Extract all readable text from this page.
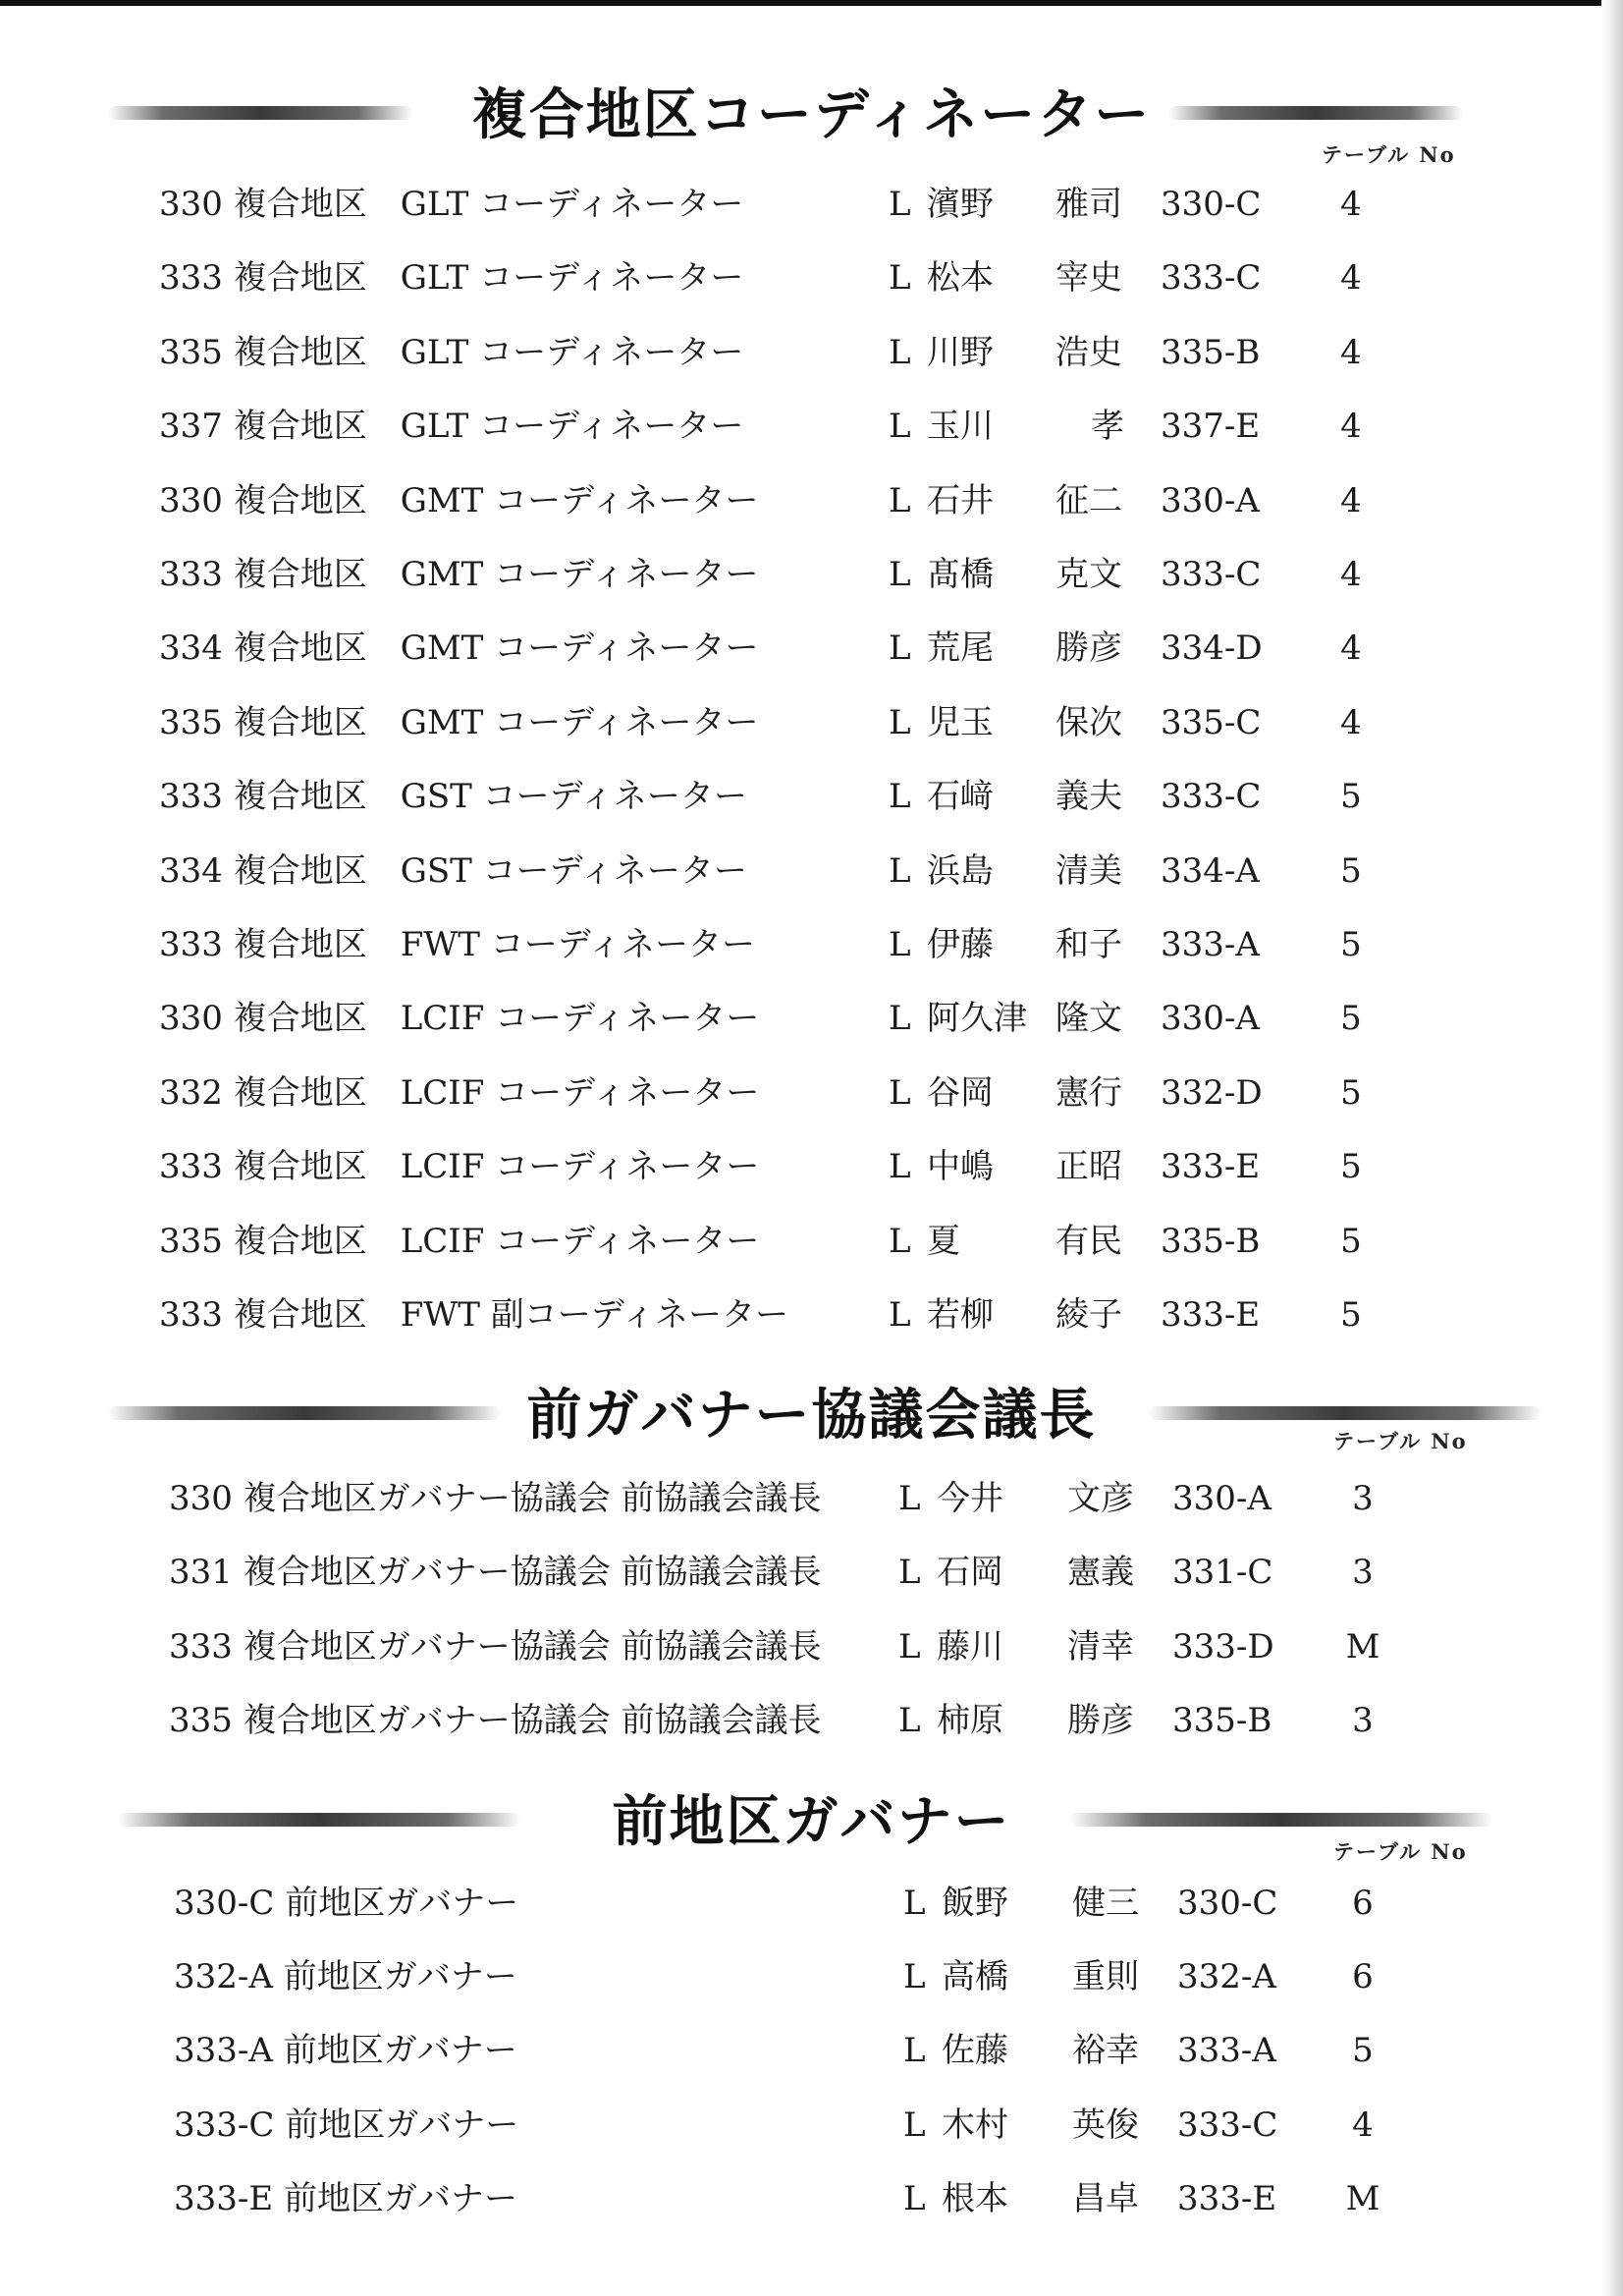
複合地区コーディネーター
テーブル No
330 複合地区　GLT コーディネーター	L 濱野 雅司 330-C	4
333 複合地区　GLT コーディネーター	L 松本 宰史 333-C	4
335 複合地区　GLT コーディネーター	L 川野 浩史 335-B	4
337 複合地区　GLT コーディネーター	L 玉川	孝 337-E	4
330 複合地区　GMT コーディネーター	L 石井 征二 330-A	4
333 複合地区　GMT コーディネーター	L 髙橋 克文 333-C	4
334 複合地区　GMT コーディネーター	L 荒尾 勝彦 334-D	4
335 複合地区　GMT コーディネーター	L 児玉 保次 335-C	4
333 複合地区　GST コーディネーター	L 石﨑 義夫 333-C	5
334 複合地区　GST コーディネーター	L 浜島 清美 334-A	5
333 複合地区　FWT コーディネーター	L 伊藤 和子 333-A	5
330 複合地区　LCIF コーディネーター	L 阿久津 隆文 330-A	5
332 複合地区　LCIF コーディネーター	L 谷岡 憲行 332-D	5
333 複合地区　LCIF コーディネーター	L 中嶋 正昭 333-E	5
335 複合地区　LCIF コーディネーター	L 夏	有民 335-B	5
333 複合地区　FWT 副コーディネーター	L 若柳 綾子 333-E	5
前ガバナー協議会議長	テーブル No
330 複合地区ガバナー協議会 前協議会議長 L 今井 文彦 330-A	3
331 複合地区ガバナー協議会 前協議会議長 L 石岡 憲義 331-C	3
333 複合地区ガバナー協議会 前協議会議長 L 藤川 清幸 333-D	M
335 複合地区ガバナー協議会 前協議会議長 L 柿原 勝彦 335-B	3
前地区ガバナー	テーブル No
330-C 前地区ガバナー	L 飯野 健三 330-C	6
332-A 前地区ガバナー	L 高橋 重則 332-A	6
333-A 前地区ガバナー	L 佐藤 裕幸 333-A	5
333-C 前地区ガバナー	L 木村 英俊 333-C	4
333-E 前地区ガバナー	L 根本 昌卓 333-E	M
